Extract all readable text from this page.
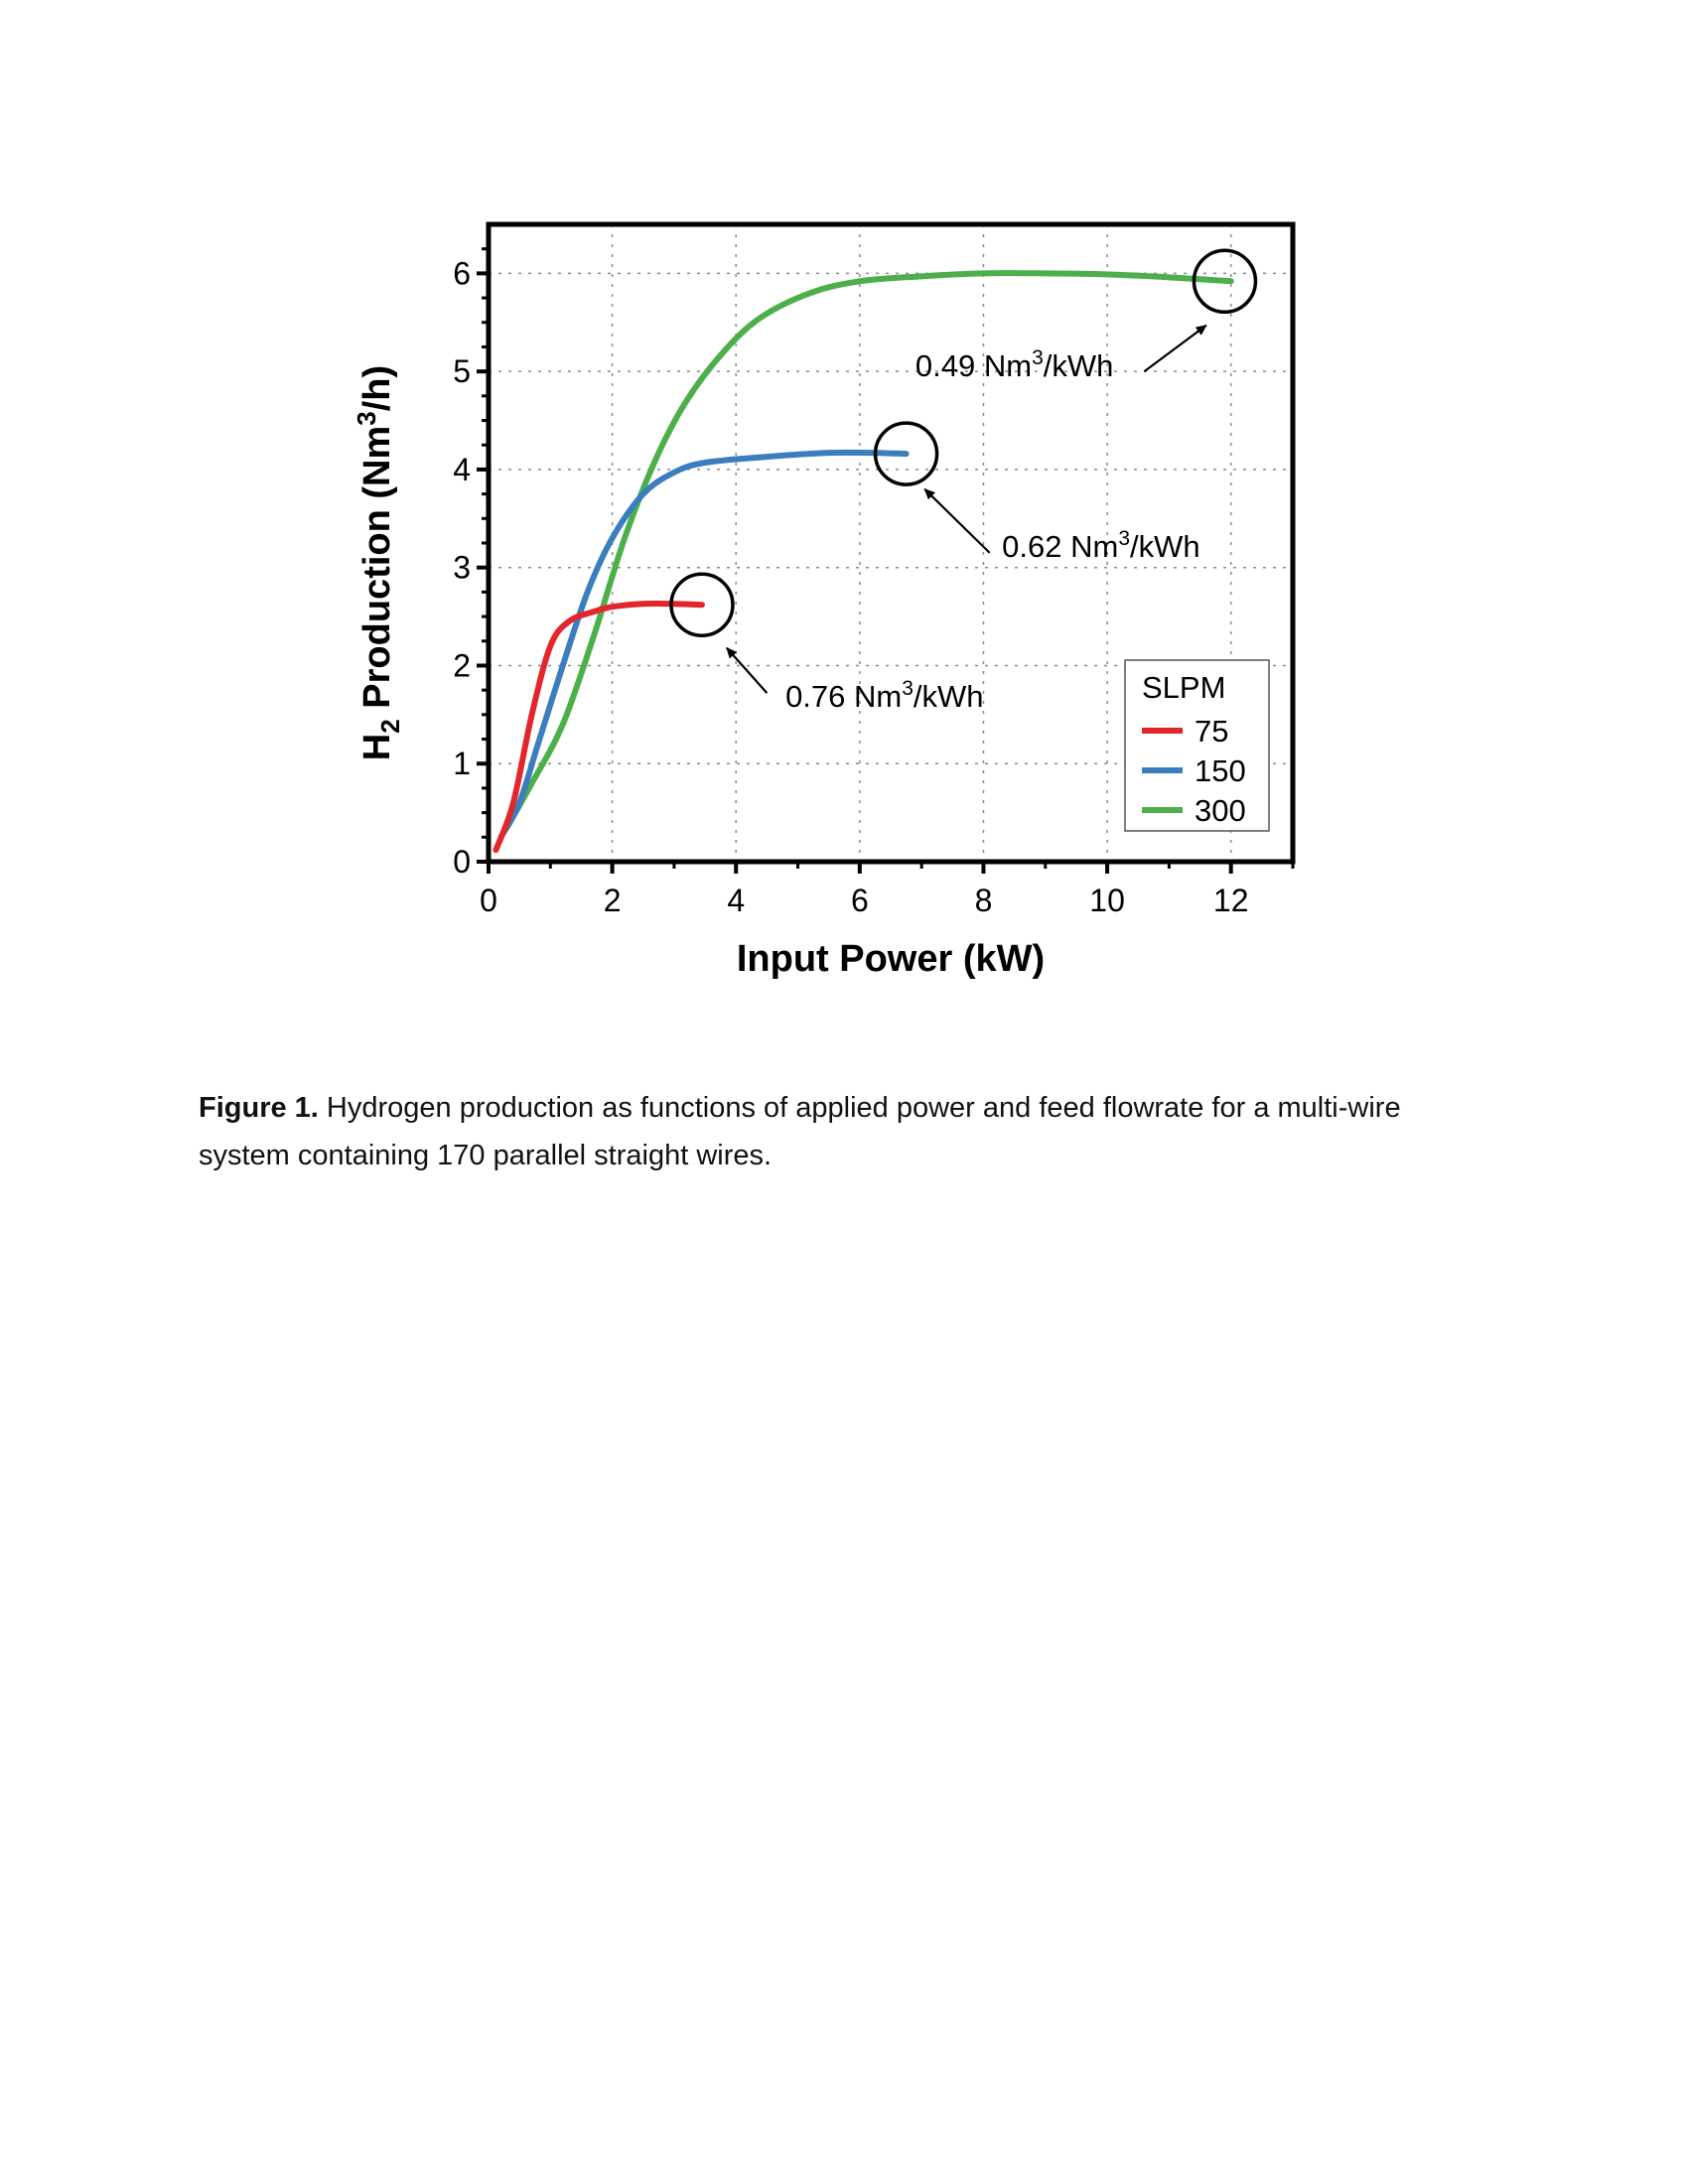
0.76 Nm$^3$/kWh
0.62 Nm$^3$/kWh
0.49 Nm$^3$/kWh
0	2	4	6	8	10	12
0
1
2
3
4
5
6
Input Power (kW)
$H_2$ Production (Nm$^3$/h)
SLPM
75
150
300
Figure 1. Hydrogen production as functions of applied power and feed flowrate for a multi-wire system containing 170 parallel straight wires.
